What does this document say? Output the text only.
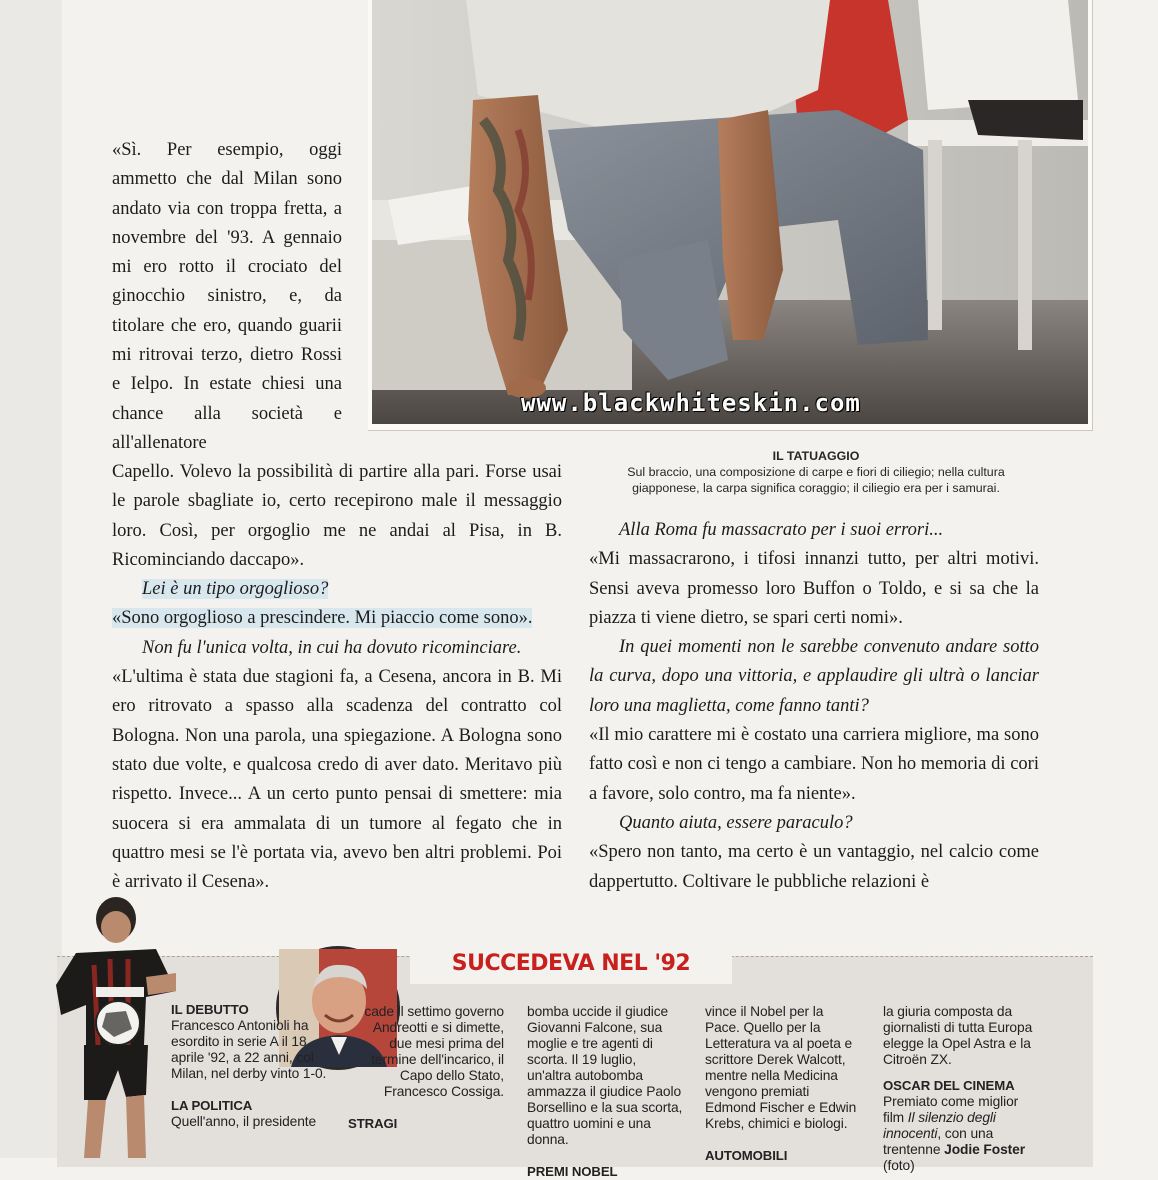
www.blackwhiteskin.com
IL TATUAGGIO
Sul braccio, una composizione di carpe e fiori di ciliegio; nella cultura giapponese, la carpa significa coraggio; il ciliegio era per i samurai.

«Sì. Per esempio, oggi ammetto che dal Milan sono andato via con troppa fretta, a novembre del '93. A gennaio mi ero rotto il crociato del ginocchio sinistro, e, da titolare che ero, quando guarii mi ritrovai terzo, dietro Rossi e Ielpo. In estate chiesi una chance alla società e all'allenatore

Capello. Volevo la possibilità di partire alla pari. Forse usai le parole sbagliate io, certo recepirono male il messaggio loro. Così, per orgoglio me ne andai al Pisa, in B. Ricominciando daccapo».

Lei è un tipo orgoglioso?

«Sono orgoglioso a prescindere. Mi piaccio come sono».

Non fu l'unica volta, in cui ha dovuto ricominciare.

«L'ultima è stata due stagioni fa, a Cesena, ancora in B. Mi ero ritrovato a spasso alla scadenza del contratto col Bologna. Non una parola, una spiegazione. A Bologna sono stato due volte, e qualcosa credo di aver dato. Meritavo più rispetto. Invece... A un certo punto pensai di smettere: mia suocera si era ammalata di un tumore al fegato che in quattro mesi se l'è portata via, avevo ben altri problemi. Poi è arrivato il Cesena».

Alla Roma fu massacrato per i suoi errori...

«Mi massacrarono, i tifosi innanzi tutto, per altri motivi. Sensi aveva promesso loro Buffon o Toldo, e si sa che la piazza ti viene dietro, se spari certi nomi».

In quei momenti non le sarebbe convenuto andare sotto la curva, dopo una vittoria, e applaudire gli ultrà o lanciar loro una maglietta, come fanno tanti?

«Il mio carattere mi è costato una carriera migliore, ma sono fatto così e non ci tengo a cambiare. Non ho memoria di cori a favore, solo contro, ma fa niente».

Quanto aiuta, essere paraculo?

«Spero non tanto, ma certo è un vantaggio, nel calcio come dappertutto. Coltivare le pubbliche relazioni è

SUCCEDEVA NEL '92
IL DEBUTTO

Francesco Antonioli ha esordito in serie A il 18 aprile '92, a 22 anni, col Milan, nel derby vinto 1-0.

LA POLITICA

Quell'anno, il presidente

cade il settimo governo Andreotti e si dimette, due mesi prima del termine dell'incarico, il Capo dello Stato, Francesco Cossiga.

STRAGI

bomba uccide il giudice Giovanni Falcone, sua moglie e tre agenti di scorta. Il 19 luglio, un'altra autobomba ammazza il giudice Paolo Borsellino e la sua scorta, quattro uomini e una donna.

PREMI NOBEL

vince il Nobel per la Pace. Quello per la Letteratura va al poeta e scrittore Derek Walcott, mentre nella Medicina vengono premiati Edmond Fischer e Edwin Krebs, chimici e biologi.

AUTOMOBILI

la giuria composta da giornalisti di tutta Europa elegge la Opel Astra e la Citroën ZX.

OSCAR DEL CINEMA

Premiato come miglior film Il silenzio degli innocenti, con una trentenne Jodie Foster (foto)
